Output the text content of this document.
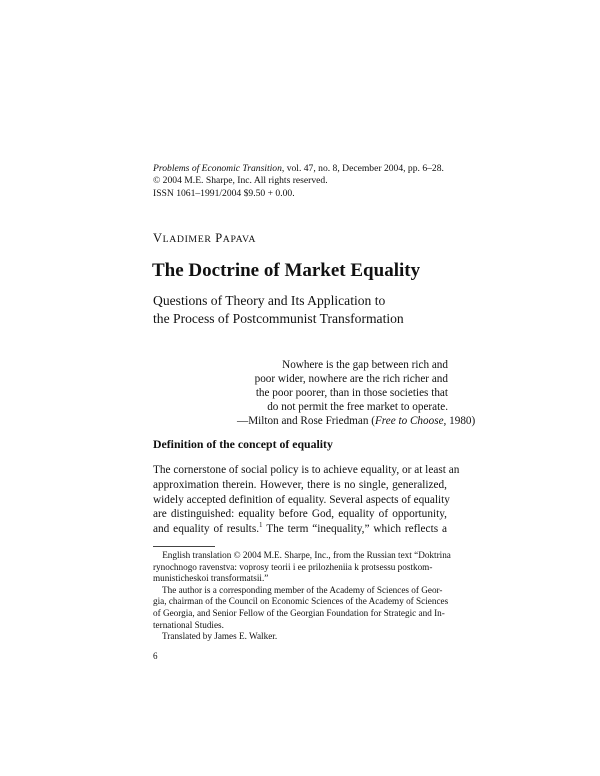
Problems of Economic Transition, vol. 47, no. 8, December 2004, pp. 6–28.
© 2004 M.E. Sharpe, Inc. All rights reserved.
ISSN 1061–1991/2004 $9.50 + 0.00.
VLADIMER PAPAVA
The Doctrine of Market Equality
Questions of Theory and Its Application to
the Process of Postcommunist Transformation
Nowhere is the gap between rich and
poor wider, nowhere are the rich richer and
the poor poorer, than in those societies that
do not permit the free market to operate.
—Milton and Rose Friedman (Free to Choose, 1980)
Definition of the concept of equality
The cornerstone of social policy is to achieve equality, or at least an
approximation therein. However, there is no single, generalized,
widely accepted definition of equality. Several aspects of equality
are distinguished: equality before God, equality of opportunity,
and equality of results.$^1$ The term “inequality,” which reflects a
English translation © 2004 M.E. Sharpe, Inc., from the Russian text “Doktrina
rynochnogo ravenstva: voprosy teorii i ee prilozheniia k protsessu postkom-
munisticheskoi transformatsii.”
The author is a corresponding member of the Academy of Sciences of Geor-
gia, chairman of the Council on Economic Sciences of the Academy of Sciences
of Georgia, and Senior Fellow of the Georgian Foundation for Strategic and In-
ternational Studies.
Translated by James E. Walker.
6
